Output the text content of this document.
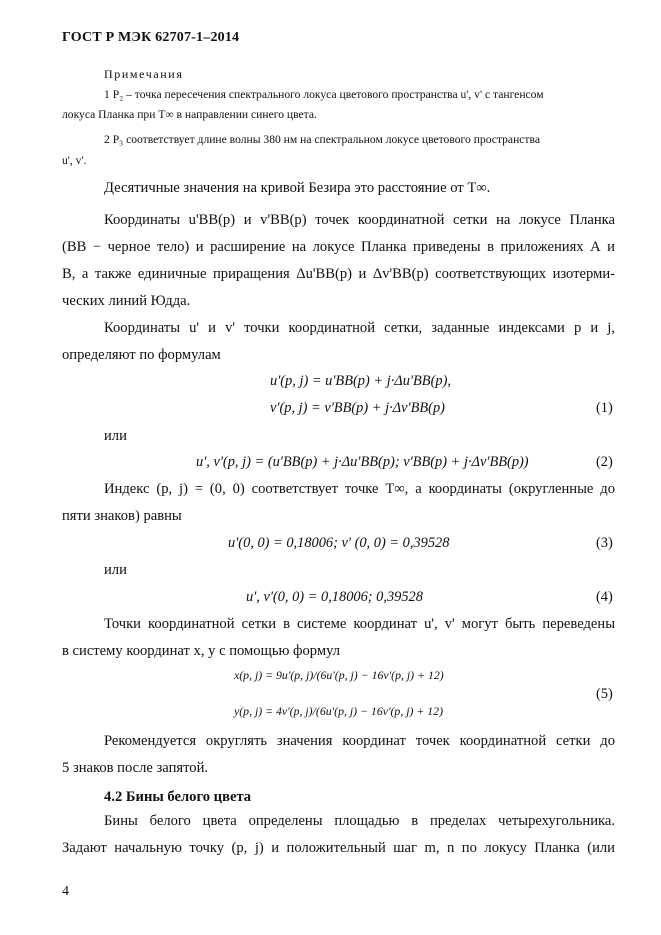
ГОСТ Р МЭК 62707-1–2014
Примечания
1 P₂ – точка пересечения спектрального локуса цветового пространства u', v' с тангенсом
локуса Планка при T∞ в направлении синего цвета.
2 P₃ соответствует длине волны 380 нм на спектральном локусе цветового пространства
u', v'.
Десятичные значения на кривой Безира это расстояние от T∞.
Координаты u'ВВ(p) и v'ВВ(p) точек координатной сетки на локусе Планка
(ВВ − черное тело) и расширение на локусе Планка приведены в приложениях А и
В, а также единичные приращения Δu'ВВ(p) и Δv'ВВ(p) соответствующих изотерми-
ческих линий Юдда.
Координаты u' и v' точки координатной сетки, заданные индексами p и j,
определяют по формулам
u'(p, j) = u'ВВ(p) + j·Δu'ВВ(p),
v'(p, j) = v'ВВ(p) + j·Δv'ВВ(p)	(1)
или
u', v'(p, j) = (u'ВВ(p) + j·Δu'ВВ(p); v'ВВ(p) + j·Δv'ВВ(p))	(2)
Индекс (p, j) = (0, 0) соответствует точке T∞, а координаты (округленные до
пяти знаков) равны
u'(0, 0) = 0,18006; v' (0, 0) = 0,39528	(3)
или
u', v'(0, 0) = 0,18006; 0,39528	(4)
Точки координатной сетки в системе координат u', v' могут быть переведены
в систему координат x, y с помощью формул
x(p, j) = 9u'(p, j)/(6u'(p, j) − 16v'(p, j) + 12)
y(p, j) = 4v'(p, j)/(6u'(p, j) − 16v'(p, j) + 12)
(5)
Рекомендуется округлять значения координат точек координатной сетки до
5 знаков после запятой.
4.2 Бины белого цвета
Бины белого цвета определены площадью в пределах четырехугольника.
Задают начальную точку (p, j) и положительный шаг m, n по локусу Планка (или
4
